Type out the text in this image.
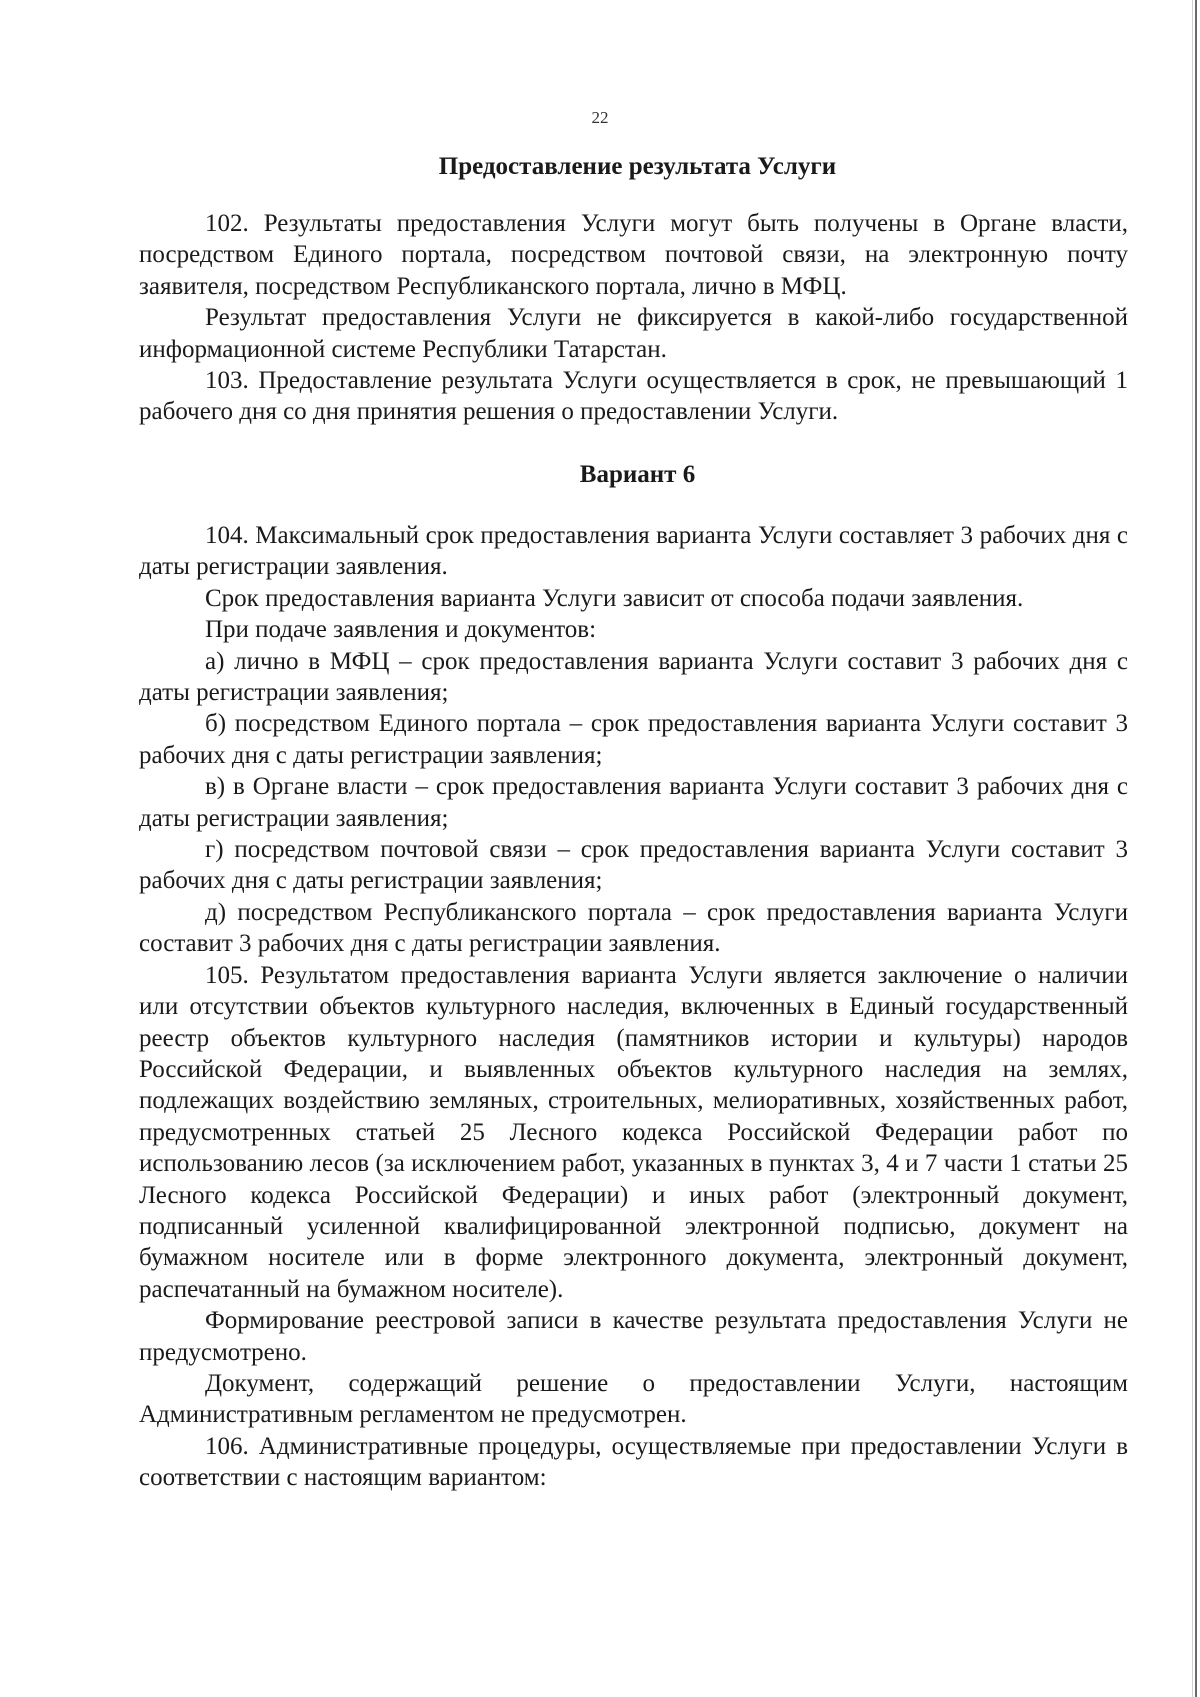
22
Предоставление результата Услуги

102. Результаты предоставления Услуги могут быть получены в Органе власти, посредством Единого портала, посредством почтовой связи, на электронную почту заявителя, посредством Республиканского портала, лично в МФЦ.

Результат предоставления Услуги не фиксируется в какой-либо государственной информационной системе Республики Татарстан.

103. Предоставление результата Услуги осуществляется в срок, не превышающий 1 рабочего дня со дня принятия решения о предоставлении Услуги.

Вариант 6

104. Максимальный срок предоставления варианта Услуги составляет 3 рабочих дня с даты регистрации заявления.

Срок предоставления варианта Услуги зависит от способа подачи заявления.

При подаче заявления и документов:

а) лично в МФЦ – срок предоставления варианта Услуги составит 3 рабочих дня с даты регистрации заявления;

б) посредством Единого портала – срок предоставления варианта Услуги составит 3 рабочих дня с даты регистрации заявления;

в) в Органе власти – срок предоставления варианта Услуги составит 3 рабочих дня с даты регистрации заявления;

г) посредством почтовой связи – срок предоставления варианта Услуги составит 3 рабочих дня с даты регистрации заявления;

д) посредством Республиканского портала – срок предоставления варианта Услуги составит 3 рабочих дня с даты регистрации заявления.

105. Результатом предоставления варианта Услуги является заключение о наличии или отсутствии объектов культурного наследия, включенных в Единый государственный реестр объектов культурного наследия (памятников истории и культуры) народов Российской Федерации, и выявленных объектов культурного наследия на землях, подлежащих воздействию земляных, строительных, мелиоративных, хозяйственных работ, предусмотренных статьей 25 Лесного кодекса Российской Федерации работ по использованию лесов (за исключением работ, указанных в пунктах 3, 4 и 7 части 1 статьи 25 Лесного кодекса Российской Федерации) и иных работ (электронный документ, подписанный усиленной квалифицированной электронной подписью, документ на бумажном носителе или в форме электронного документа, электронный документ, распечатанный на бумажном носителе).

Формирование реестровой записи в качестве результата предоставления Услуги не предусмотрено.

Документ, содержащий решение о предоставлении Услуги, настоящим Административным регламентом не предусмотрен.

106. Административные процедуры, осуществляемые при предоставлении Услуги в соответствии с настоящим вариантом:
